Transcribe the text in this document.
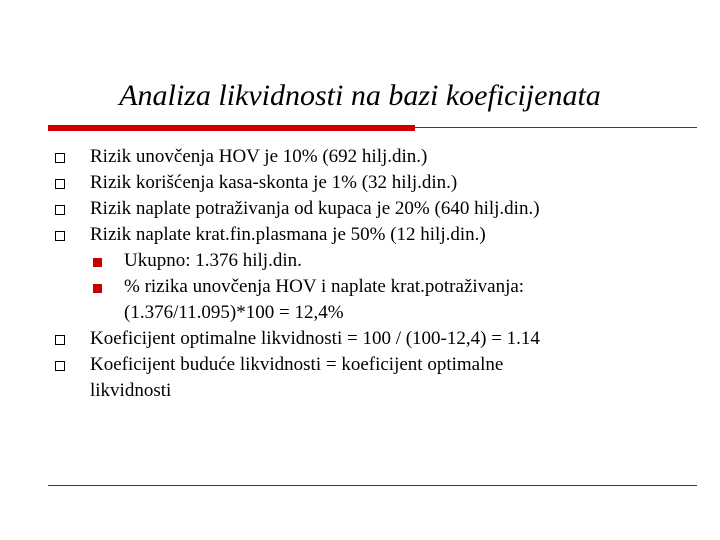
Analiza likvidnosti na bazi koeficijenata
Rizik unovčenja HOV je 10% (692 hilj.din.)
Rizik korišćenja kasa-skonta je 1% (32 hilj.din.)
Rizik naplate potraživanja od kupaca je 20% (640 hilj.din.)
Rizik naplate krat.fin.plasmana je 50% (12 hilj.din.)
Ukupno: 1.376 hilj.din.
% rizika unovčenja HOV i naplate krat.potraživanja:
(1.376/11.095)*100 = 12,4%
Koeficijent optimalne likvidnosti = 100 / (100-12,4) = 1.14
Koeficijent buduće likvidnosti = koeficijent optimalne
likvidnosti
